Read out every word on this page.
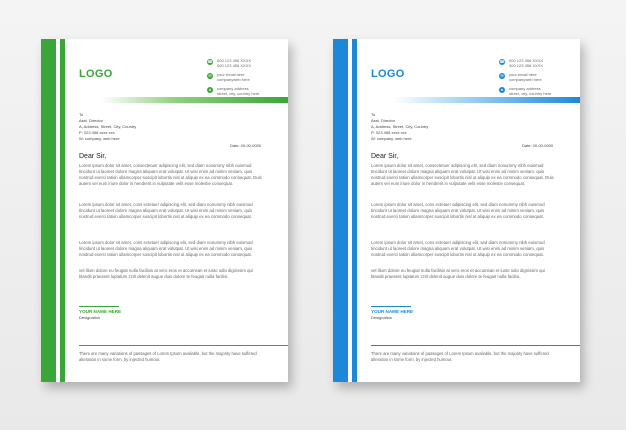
LOGO
☎ 000 123 456 XXXX
000 123 456 XXXX
✉	your email here
companyweb here
●	company address
street, city, country here
To
Asst. Director
A, Address, Street, City, Country
P: 023 456 xxxx xxx
W: company, web here
Date: 00-00-0000
Dear Sir,

Lorem ipsum dolor sit amet, consectetuer adipiscing elit, sed diam nonummy nibh euismod tincidunt ut laoreet dolore magna aliquam erat volutpat. Ut wisi enim ad minim veniam, quis nostrud exerci tation ullamcorper suscipit lobortis nisl ut aliquip ex ea commodo consequat. Duis autem vel eum iriure dolor in hendrerit in vulputate velit esse molestie consequat.

Lorem ipsum dolor sit amet, cons ectetuer adipiscing elit, sed diam nonummy nibh euismod tincidunt ut laoreet dolore magna aliquam erat volutpat. Ut wisi enim ad minim veniam, quis nostrud exerci tation ullamcorper suscipit lobortis nisl ut aliquip ex ea commodo consequat.

Lorem ipsum dolor sit amet, cons ectetuer adipiscing elit, sed diam nonummy nibh euismod tincidunt ut laoreet dolore magna aliquam erat volutpat. Ut wisi enim ad minim veniam, quis nostrud exerci tation ullamcorper suscipit lobortis nisl ut aliquip ex ea commodo consequat.

vel illum dolore eu feugiat nulla facilisis at vero eros et accumsan et iusto odio dignissim qui blandit praesent luptatum zzril delenit augue duis dolore te feugait nulla facilisi.

YOUR NAME HERE
Designation

There are many variations of passages of Lorem Ipsum available, but the majority have suffered alteration in some form, by injected humour.

LOGO
☎ 000 123 456 XXXX
000 123 456 XXXX
✉	your email here
companyweb here
●	company address
street, city, country here
To
Asst. Director
A, Address, Street, City, Country
P: 023 456 xxxx xxx
W: company, web here
Date: 00-00-0000
Dear Sir,

Lorem ipsum dolor sit amet, consectetuer adipiscing elit, sed diam nonummy nibh euismod tincidunt ut laoreet dolore magna aliquam erat volutpat. Ut wisi enim ad minim veniam, quis nostrud exerci tation ullamcorper suscipit lobortis nisl ut aliquip ex ea commodo consequat. Duis autem vel eum iriure dolor in hendrerit in vulputate velit esse molestie consequat.

Lorem ipsum dolor sit amet, cons ectetuer adipiscing elit, sed diam nonummy nibh euismod tincidunt ut laoreet dolore magna aliquam erat volutpat. Ut wisi enim ad minim veniam, quis nostrud exerci tation ullamcorper suscipit lobortis nisl ut aliquip ex ea commodo consequat.

Lorem ipsum dolor sit amet, cons ectetuer adipiscing elit, sed diam nonummy nibh euismod tincidunt ut laoreet dolore magna aliquam erat volutpat. Ut wisi enim ad minim veniam, quis nostrud exerci tation ullamcorper suscipit lobortis nisl ut aliquip ex ea commodo consequat.

vel illum dolore eu feugiat nulla facilisis at vero eros et accumsan et iusto odio dignissim qui blandit praesent luptatum zzril delenit augue duis dolore te feugait nulla facilisi.

YOUR NAME HERE
Designation

There are many variations of passages of Lorem Ipsum available, but the majority have suffered alteration in some form, by injected humour.
